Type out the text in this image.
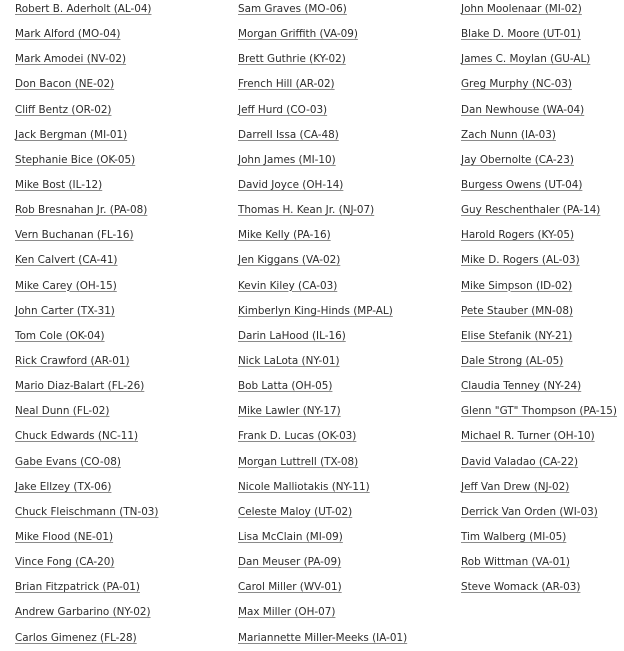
Robert B. Aderholt (AL-04)
Mark Alford (MO-04)
Mark Amodei (NV-02)
Don Bacon (NE-02)
Cliff Bentz (OR-02)
Jack Bergman (MI-01)
Stephanie Bice (OK-05)
Mike Bost (IL-12)
Rob Bresnahan Jr. (PA-08)
Vern Buchanan (FL-16)
Ken Calvert (CA-41)
Mike Carey (OH-15)
John Carter (TX-31)
Tom Cole (OK-04)
Rick Crawford (AR-01)
Mario Diaz-Balart (FL-26)
Neal Dunn (FL-02)
Chuck Edwards (NC-11)
Gabe Evans (CO-08)
Jake Ellzey (TX-06)
Chuck Fleischmann (TN-03)
Mike Flood (NE-01)
Vince Fong (CA-20)
Brian Fitzpatrick (PA-01)
Andrew Garbarino (NY-02)
Carlos Gimenez (FL-28)
Sam Graves (MO-06)
Morgan Griffith (VA-09)
Brett Guthrie (KY-02)
French Hill (AR-02)
Jeff Hurd (CO-03)
Darrell Issa (CA-48)
John James (MI-10)
David Joyce (OH-14)
Thomas H. Kean Jr. (NJ-07)
Mike Kelly (PA-16)
Jen Kiggans (VA-02)
Kevin Kiley (CA-03)
Kimberlyn King-Hinds (MP-AL)
Darin LaHood (IL-16)
Nick LaLota (NY-01)
Bob Latta (OH-05)
Mike Lawler (NY-17)
Frank D. Lucas (OK-03)
Morgan Luttrell (TX-08)
Nicole Malliotakis (NY-11)
Celeste Maloy (UT-02)
Lisa McClain (MI-09)
Dan Meuser (PA-09)
Carol Miller (WV-01)
Max Miller (OH-07)
Mariannette Miller-Meeks (IA-01)
John Moolenaar (MI-02)
Blake D. Moore (UT-01)
James C. Moylan (GU-AL)
Greg Murphy (NC-03)
Dan Newhouse (WA-04)
Zach Nunn (IA-03)
Jay Obernolte (CA-23)
Burgess Owens (UT-04)
Guy Reschenthaler (PA-14)
Harold Rogers (KY-05)
Mike D. Rogers (AL-03)
Mike Simpson (ID-02)
Pete Stauber (MN-08)
Elise Stefanik (NY-21)
Dale Strong (AL-05)
Claudia Tenney (NY-24)
Glenn "GT" Thompson (PA-15)
Michael R. Turner (OH-10)
David Valadao (CA-22)
Jeff Van Drew (NJ-02)
Derrick Van Orden (WI-03)
Tim Walberg (MI-05)
Rob Wittman (VA-01)
Steve Womack (AR-03)
